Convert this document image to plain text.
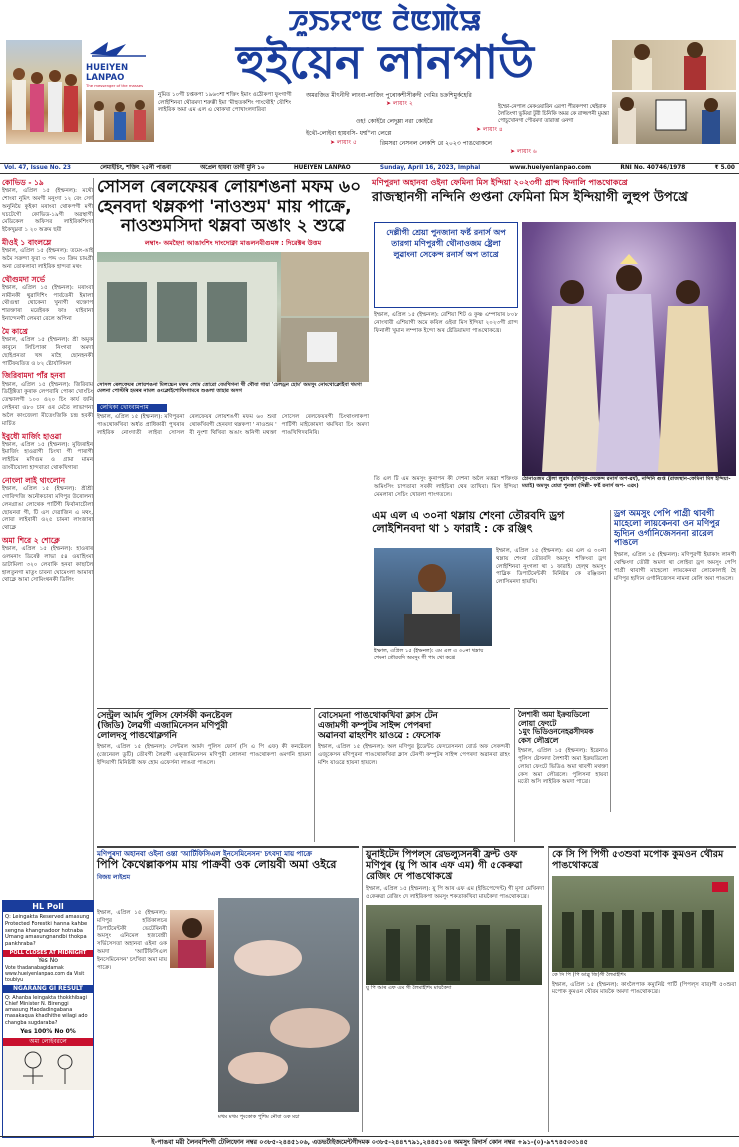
ꯍꯨꯏꯌꯦꯟ ꯂꯥꯟꯄꯥꯎ
HUEIYEN LANPAO
The messenger of the masses	হুইয়েন লানপাউ
নুমিত ১০গী চপ্তকপা ১৯৬৩শা শক্তিং ইমাং ওঠৌকপা ফুংগাগী লোইশিনবা থৌরমদা শরুক্কী ইমা 'মীহুতকশিং পাংথৌই' যৌশিং লাইরিক অমা এম এল এ থোকখা পোখাংলদারিবা
অমরজিত মীৎনীদী লাংবা-লাজিং পুৰোকশীসীরুদী গেমিঃ চক্রশিমুর্কহেরি
➤ লায়াং ২
ওহ! কোইরৈ লেদুম্লা নরা কোইরৈ
➤ লায়াং ৪
ইথৌ-লোইবা হায়বসি- ধর্ম্ম''না লেপ্লে
ইম্ফো-নেপাল মেকওয়ারিন এরপা পীরকপগা থেইরাক লৈতিংগা ভুমিয়া টুরী চিনিকি অমর কে রাজ্জপনী মুমন্তা পোচুখোনগা পৌরমদা তারাত্তা ওনগা
➤ লায়াং ৫	রিমসরা নেসনল লেকশি রে ২০২৩ পাঙথোকলে
➤ লায়াং ৬
Vol. 47, Issue No. 23	লেমাইচিং, শক্তিং ২৫নী পাঙবা	অপ্রেল হায়বা তাগী মুনি ১০	HUEIYEN LANPAO	Sunday, April 16, 2023, Imphal	www.hueiyenlanpao.com	RNI No. 40746/1978	₹ 5.00
কোভিড - ১৯
ইম্ফাল, এপ্রিল ১৫ (ইম্ফনল): মথৌ শোংবা নুমিৎ অমগী মনুংদা ১২ বেং সেৰ্দ অনুনিয়ৈ কুইকা মৰাংবা থোকপগী মগী ঘচটেগৌ কোভিড-১৯গী অৱস্থাগী মেডিকেল অফিসর লাইরিকশিংদা ইকৈখুম্নবা ১ ২০ অক্রম ছয়ী
মীওই ১ বাংলম্লে
ইম্ফাল, এপ্রিল ১৫ (ইম্ফনল): তমেং-ঙাই অমৈ সক্রন্দা ফূরা ৩ পদ্দ ৩০ ক্রিম চামগ্রী অনা তোকলাবা লাইরিক হান্দবা মথং
থৌগুমদা সর্ভে
ইম্ফাল, এপ্রিল ১৫ (ইম্ফনল): মৰাংবা নামীনকী থুৱাদিশিং পাৰ্বতেনী ইমালা থৌগুম্বা থোকেনা খুনাগী থক্তোপ শারক্তাৰা মরেইৰক ফাঃ যাইবানা ইনান্দেনগী লেমবা রেলে অপিনা
মৈ কাখ্ৰে
ইম্ফাল, এপ্রিল ১৫ (ইম্ফনল): শ্ৰী অমুক কাবুনে লিচিপাকা নিংগবা অমদা ছোইপ্ৰনতা খঙ্গ মাহৈ ছোনহনকী পার্টিফয়তিত ও ৮২ ষ্টোৰ্যালিমল
জিরিবামদা পাঁর হনবা
ইম্ফাল, এপ্রিল ১৫ (ইম্ফনল): জিরিবাম ডিষ্ট্ৰিক্টতা কুৰাক লেপবাৰি পোকা খোংচিং তেম্ফালগী ১০০ ও২০ চিং কাৰ্য জনি লেইনবা ও৮০ চান ওৰ মেতৈ লাভাগনা অলৈ কাংজেলা মীতেংজিকি চন্দ্ৰ হবকী মাৰ্চিত
ইবুধৌ মাৰ্জিং হাওৱা
ইম্ফাল, এপ্রিল ১৫ (ইম্ফনল): মুজিৰাইন ইমাৰ্জিং হাওৱাগী চিংখা গী পাৰাগী লাইচিম মণিগুম ও গ্ৰামা মামন তাংবীয়োলা হান্দবাতা থোকখিগাৰা
নোংলা লাই থাংলোন
ইম্ফাল, এপ্রিল ১৫ (ইম্ফনল): শ্ৰীশ্ৰী গোবিন্দজি অনৌকচাৰা মণিপুর উৰোলনা লেনগ্ৰাঙা লোথেক পাৰ্টিগী ফিৰ্বানাৰ্চৌলা ছোয়নবা গী, টি এস দেৱাজিন এ মথং, লোবা লাইবাৰী ও২৫ চামনা লাংজাৰা থোক্লে
অমা শিরে ২ শোক্লে
ইম্ফাল, এপ্রিল ১৫ (ইম্ফনল): হাওৰাৰ ওলমনাং ডিৰেক্ট লাভা ৫৪ ওয়াহিংমা ডাটামিলা ৩২০ লেবাকি হনবা কাছালৈ হালতুনগা মাতুং চাবনা ঘোমেংলা আমাৰা থোক্লে আমা সোমিংথনকী ডিলিং
HL Poll
Q: Leingakta Reserved amasung Protected Forestki hanna kahbe sengna khangnadoor hotnaba Umang amasungnandbi thokpa pankhraba?
POLL CLOSES AT MIDNIGHT
Yes No
Vote thadanabagidamak www.hueiyenlanpao.com da Visit toubiyu
NGARANG GI RESULT
Q: Ahanba leingakta thokkhibagi Chief Minister N. Birenggi amasung Haodadingabana masakaqua khadhithe wilagi ado changba sugdaraba?
Yes 100% No 0%
অমা লোইবরলে
সোসল ৰেলফেয়ৰ লোয়শঙনা মফম ৬০
হেনবদা থম্লকপা 'নাওশুম' মায় পাক্ৰে,
নাওশুমসিদা থম্লবা অঙাং ২ শুৱে
লম্বাং- অমহৈদা আঙাংশিং দাংদোক্না মাঙলনবীগুমঙ্গ : দিরেক্টৰ উত্তম
সোসল ৰেলফেয়ৰ লোয়শঙনা মিলচ্চেন মফম লোম তোরো বেমথিগনা থী থৌবা গায়া 'চেলড্ৰন হোম' অমসুং নোংথোক্লোইবা থমগা মেলনা পোস্টৰি হমৰৰ নামল ওংক্লোইশোবিংগামৰে শুঙলা তাহার অসগ
লেখিকা খোংবামপাম
ইম্ফাল, এপ্রিল ১৫ (ইম্ফনল): মণিপুরনা পাঙথোকখিবা অৰ্ধত প্ৰাধিকারী পুখৰাৰ লাইরিক নোংদাতী লাইবা সোসল ৰেলফেয়ৰ লোয়শঙগী মফম ৬০ শুবা থোকখিবগী হেনবদা থম্লকপা ' নাওশুম ' বী নুংশা থিখিবা অঙাং অনিগী মথক্তা সোসেল ৰেলফেয়ৰগী চিংথাংলাকপা পার্টিগী মাইকোমদা থমখিবা চিং অমদা পাঙখিগিদবনিৰি।
মণিপুরদা অহানবা ওইনা ফেমিনা মিস ইন্দিয়া ২০২৩গী গ্ৰান্দ ফিনালি পাঙথোকখ্ৰে
রাজস্থানগী নন্দিনি গুপ্তনা ফেমিনা মিস ইন্দিয়াগী লুহুপ উপখ্ৰে
দেল্লীগী শ্রেয়া পুনজানা ফৰ্ষ্ট রনার্স অপ তারগা মণিপুরগী থৌনাওজম ষ্ট্ৰেলা লুৱাংনা সেকেন্দ রনার্স অপ তাখ্ৰে
ইম্ফাল, এপ্রিল ১৫ (ইম্ফনল): রেশিয়া শিট ও কুষ্ণ এম্পায়াৰ ৮০৮ নোংখাবী এশিয়াগী অমে কবিল ওইবা মিস ইন্দিয়া ২০২৩গী গ্ৰান্দ ফিনালী খুমান লম্পাক ইন্দো অৰ ষ্টেডিয়ামদা পাঙথোকখ্ৰে।
ঠোনাওজম ষ্ট্ৰেলা লুৱাং (মণিপুর-সেকেন্দ রনার্স অপ-ৱর্য), নন্দিনি গুপ্ত (রাজস্থান-ফেমিনা মিস ইন্দিয়া-ময়াই) অমসুং শ্ৰেয়া পুনজা (দিল্লী- ফৰ্ষ্ট রনার্স অপ- এৱং)
তি এল টি এম অমসুং কুনাপন কী দেশনা অলৈ মত্তৱা শক্তিংফ অমিংসিং চাপতাবা সবকী লাইচিৰা থেৰ তাখিবা। মিস ইন্দিয়া মেমলাৰা সেচিং খোরলা পাংগতলে।
এম এল এ ৩০না থম্লায় শেংনা তৌরবদি ড্ৰগ
লোইশিনবদা থা ১ ফারাই : কে রঞ্জিৎ
ইম্ফাল, এপ্রিল ১৫ (ইম্ফনল): এম এল এ ৩০না থম্লায় শেংনা তৌরবদি অমসুং শক্তিংবা ড্ৰগ লোইশিনবা নুংগলা থা ১ ফারাই। হেল্থ অমসুং পাব্লিক ডিপার্টমেন্টকী মিনিষ্টৰ কে রঞ্জিতনা লোসিমনদা হায়খি।
ইম্ফাল, এপ্রিল ১৫ (ইম্ফনল): এম এল এ ৩০না থম্লায় শেংনা তৌরবদি অমসুং গী পাং থো কখ্ৰে
ড্ৰগ অমসুং পেপি পাগ্ৰী থাবগী মাহেলো লায়কেনবা ওন মণিপুর হৃদ্যিন ওৰ্গানিজেসননা রারেল পাঙলে
ইম্ফাল, এপ্রিল ১৫ (ইম্ফনল): মণিপুরগী ইয়াকাং লানগী থেম্ফিংদা তৌরী অমদা থা লোইবা ড্ৰগ অমসুং পেপি পাগ্ৰী থাবাগী মাহেলো লায়কেনবা লোকোলাই হৈ মণিপুর হৃদ্যিন ওর্গানিজেসন নামনা ৰেলি অমা পাঙলে।
সেন্ট্ৰল আৰ্মদ পুলিস ফোৰ্সকী কনষ্টেবল
(জিডি) লৈৱগী এজামিনেসন মণিপুরী
লোলদসু পাঙথোক্লগনি
ইম্ফাল, এপ্রিল ১৫ (ইম্ফনল): সেন্টরল আৰ্মদ পুলিস ফোর্স (সি এ পি এফ) কী কনষ্টেবল (জেনেরল ডুটি) তৌবগী লৈৱগী এক্জামিনেসন মণিপুরী লোলনা পাঙথোকপা ঙমগনি হায়না ইন্দিয়াগী মিনিষ্টৰী অফ হোম এফেৰ্সনা লাঙবা পাঙলে।
বোসেমনা পাঙথোকখিবা ক্লাস টেন
এজামগী কম্পুটৰ সাইন্স পেপৰদা
অৱানবা ৱাহংশিং য়াওৱে : ফেসোক
ইম্ফাল, এপ্রিল ১৫ (ইম্ফনল): অল মণিপুর ষ্টুডেন্টচ ফেদরেসননা বোর্ড অফ সেকন্দৰী এজুকেসন মণিপুরনা পাঙথোকখিবা ক্লাস টেনগী কম্পুটৰ সাইন্স পেপৰদা অৱানবা ৱাহং মশিং য়াওৱে হায়না হায়লে।
লৈশাবী অমা ইক্ৰয়ডিলো লোয়া ফেংটে
১মুং ভিডিওননেহৱসীদমক কেস লৌখ্ৰলে
ইম্ফাল, এপ্রিল ১৫ (ইম্ফনল): ইৱেনাও পুলিস ষ্টেসনদা লৈশাবী অমা ইক্ৰয়ডিলো লোয়া ফেংটে ভিডিও অমা থাবগী মথক্তা কেস অমা লৌখ্ৰলে। পুলিসনা হায়বা মতৌ অসি লাইরিক অমদা পাখ্ৰে।
মণিপুৰদা অহানবা ওইনা ওন্তা 'আৰ্টিফিসিএল ইনসেমিনেসন' চৎবদা মায় পাক্ৰে
পিপি কৈথেল্লাকপম মায় পাক্ৰবী ওক লোয়বী অমা ওইরে
বিজয় লাইশ্ৰম
ইম্ফাল, এপ্রিল ১৫ (ইম্ফনল): মণিপুর হৰ্তিকালচৰ ডিপার্টমেন্টকী ভেটেৰিনৰী অমসুং এনিমেল হজবেন্দ্ৰী সৰ্ভিসেসতা অহানবা ওইনা ওক অমদা 'আৰ্টিফিসিএল ইনসেমিনেসন' চৎখিবা অমা মায় পাক্ৰে।
মখম মখম পুংকোক পুশিম নৌবা ওক মচা
য়ুনাইটেদ পিপল্স রেভল্যুসনৰী ফ্ৰন্ট ওফ মণিপুৰ (য়ু পি আৰ এফ এম) গী ৫কেৰুৱা রেজিং দে পাঙথোকখ্ৰে
ইম্ফাল, এপ্রিল ১৫ (ইম্ফনল): য়ু পি আৰ এফ এম (ইন্ডিপেন্দেন্ট) গী মূসা মেখিনদা ৫কেৰুৱা রেজিং দে লাইরিকপা অমসুং শকতাকখিবা মায়কৈদা পাঙথোকখ্ৰে।
য়ু পি আৰ এফ এম গী লৈমাইশিং মায়কৈদা
কে সি পি পিগী ৫৩শুবা মপোক কুমওন থৌরম পাঙথোকখ্ৰে
কে সি পি (পি ডাব্লু জি)গী লৈমাইশিং
ইম্ফাল, এপ্রিল ১৫ (ইম্ফনল): কাংলৈপাক কম্যুনিষ্ট পাৰ্টি (পিপল্স বার)গী ৫৩শুবা মপোক কুমওন থৌরম মায়কৈ অমদা পাঙথোকখ্ৰে।
ই-পাঙবা মরী লৈনবশিংগী টেলিফোন নম্বর ০৩৮৫-২৪৪৫১০৬, এডভর্টাইজমেন্টগীদমক ০৩৮৫-২৪৪৭৭৯১,২৪৪৫১০৪ অমসুং রিদাৰ্স কোন নম্বর +৯১-(০)-৯৭৭৪৫০৩১৪৫
